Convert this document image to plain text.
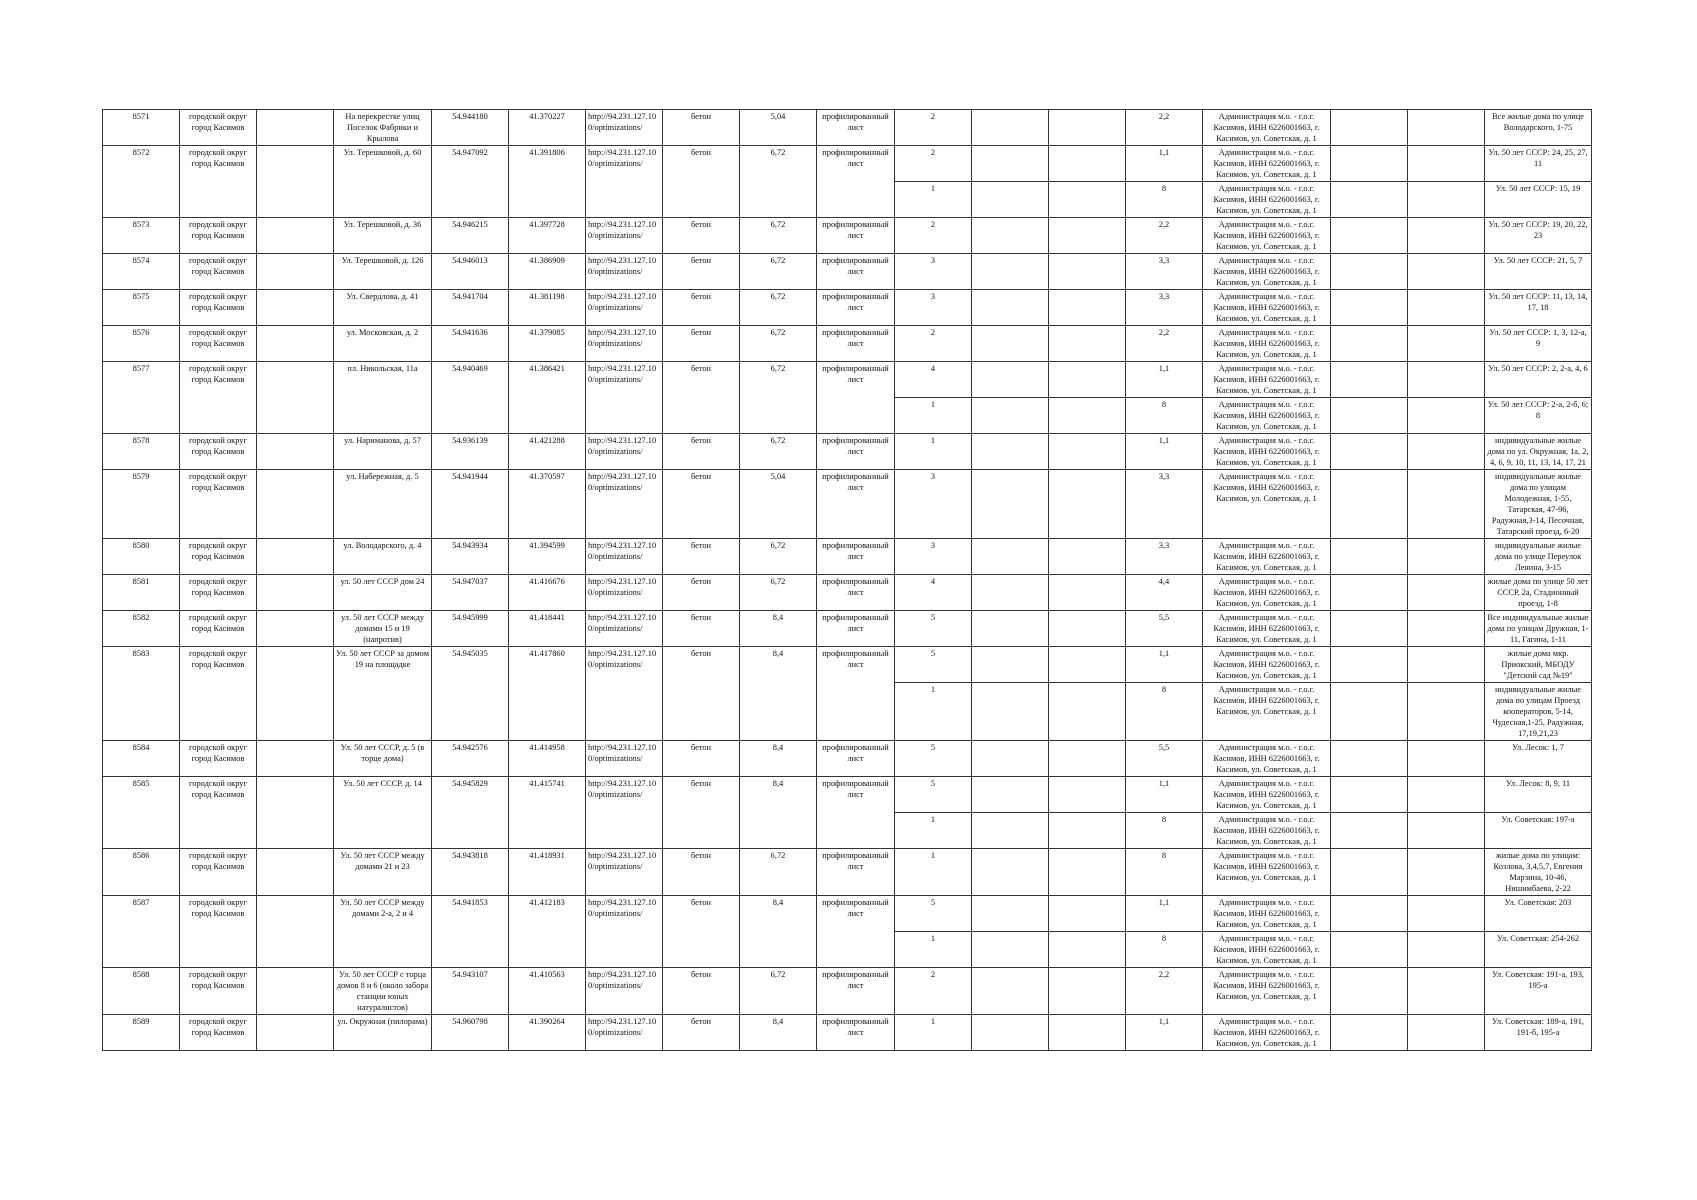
8571	городской округ город Касимов		На перекрестке улиц Поселок Фабрики и Крылова	54.944180	41.370227	http://94.231.127.100/optimizations/	бетон	5,04	профилированный лист	2			2,2	Администрация м.о. - г.о.г. Касимов, ИНН 6226001663, г. Касимов, ул. Советская, д. 1			Все жилые дома по улице Володарского, 1-75
8572	городской округ город Касимов		Ул. Терешковой, д. 60	54.947092	41.391806	http://94.231.127.100/optimizations/	бетон	6,72	профилированный лист	2			1,1	Администрация м.о. - г.о.г. Касимов, ИНН 6226001663, г. Касимов, ул. Советская, д. 1			Ул. 50 лет СССР: 24, 25, 27, 11
										1			8	Администрация м.о. - г.о.г. Касимов, ИНН 6226001663, г. Касимов, ул. Советская, д. 1			Ул. 50 лет СССР: 15, 19
8573	городской округ город Касимов		Ул. Терешковой, д. 36	54.946215	41.397728	http://94.231.127.100/optimizations/	бетон	6,72	профилированный лист	2			2,2	Администрация м.о. - г.о.г. Касимов, ИНН 6226001663, г. Касимов, ул. Советская, д. 1			Ул. 50 лет СССР: 19, 20, 22, 23
8574	городской округ город Касимов		Ул. Терешковой, д. 126	54.946013	41.386909	http://94.231.127.100/optimizations/	бетон	6,72	профилированный лист	3			3,3	Администрация м.о. - г.о.г. Касимов, ИНН 6226001663, г. Касимов, ул. Советская, д. 1			Ул. 50 лет СССР: 21, 5, 7
8575	городской округ город Касимов		Ул. Свердлова, д. 41	54.941704	41.381198	http://94.231.127.100/optimizations/	бетон	6,72	профилированный лист	3			3,3	Администрация м.о. - г.о.г. Касимов, ИНН 6226001663, г. Касимов, ул. Советская, д. 1			Ул. 50 лет СССР: 11, 13, 14, 17, 18
8576	городской округ город Касимов		ул. Московская, д. 2	54.941636	41.379085	http://94.231.127.100/optimizations/	бетон	6,72	профилированный лист	2			2,2	Администрация м.о. - г.о.г. Касимов, ИНН 6226001663, г. Касимов, ул. Советская, д. 1			Ул. 50 лет СССР: 1, 3, 12-а, 9
8577	городской округ город Касимов		пл. Никольская, 11а	54.940469	41.386421	http://94.231.127.100/optimizations/	бетон	6,72	профилированный лист	4			1,1	Администрация м.о. - г.о.г. Касимов, ИНН 6226001663, г. Касимов, ул. Советская, д. 1			Ул. 50 лет СССР: 2, 2-а, 4, 6
										1			8	Администрация м.о. - г.о.г. Касимов, ИНН 6226001663, г. Касимов, ул. Советская, д. 1			Ул. 50 лет СССР: 2-а, 2-б, 6; 8
8578	городской округ город Касимов		ул. Нариманова, д. 57	54.936139	41.421288	http://94.231.127.100/optimizations/	бетон	6,72	профилированный лист	1			1,1	Администрация м.о. - г.о.г. Касимов, ИНН 6226001663, г. Касимов, ул. Советская, д. 1			индивидуальные жилые дома по ул. Окружная, 1а, 2, 4, 6, 9, 10, 11, 13, 14, 17, 21
8579	городской округ город Касимов		ул. Набережная, д. 5	54.941944	41.370597	http://94.231.127.100/optimizations/	бетон	5,04	профилированный лист	3			3,3	Администрация м.о. - г.о.г. Касимов, ИНН 6226001663, г. Касимов, ул. Советская, д. 1			индивидуальные жилые дома по улицам Молодежная, 1-55, Татарская, 47-96, Радужная,3-14, Песочная, Татарский проезд, 6-20
8580	городской округ город Касимов		ул. Володарского, д. 4	54.943934	41.394599	http://94.231.127.100/optimizations/	бетон	6,72	профилированный лист	3			3,3	Администрация м.о. - г.о.г. Касимов, ИНН 6226001663, г. Касимов, ул. Советская, д. 1			индивидуальные жилые дома по улице Переулок Ленина, 3-15
8581	городской округ город Касимов		ул. 50 лет СССР дом 24	54.947037	41.416676	http://94.231.127.100/optimizations/	бетон	6,72	профилированный лист	4			4,4	Администрация м.о. - г.о.г. Касимов, ИНН 6226001663, г. Касимов, ул. Советская, д. 1			жилые дома по улице 50 лет СССР, 2а, Стадионный проезд, 1-8
8582	городской округ город Касимов		ул. 50 лет СССР между домами 15 и 19 (напротив)	54.945999	41.418441	http://94.231.127.100/optimizations/	бетон	8,4	профилированный лист	5			5,5	Администрация м.о. - г.о.г. Касимов, ИНН 6226001663, г. Касимов, ул. Советская, д. 1			Все индивидуальные жилые дома по улицам Дружная, 1-11, Гагина, 1-11
8583	городской округ город Касимов		Ул. 50 лет СССР за домом 19 на площадке	54.945035	41.417860	http://94.231.127.100/optimizations/	бетон	8,4	профилированный лист	5			1,1	Администрация м.о. - г.о.г. Касимов, ИНН 6226001663, г. Касимов, ул. Советская, д. 1			жилые дома мкр. Приокский, МБОДУ "Детский сад №19"
										1			8	Администрация м.о. - г.о.г. Касимов, ИНН 6226001663, г. Касимов, ул. Советская, д. 1			индивидуальные жилые дома по улицам Проезд кооператоров, 5-14, Чудесная,1-25, Радужная, 17,19,21,23
8584	городской округ город Касимов		Ул. 50 лет СССР, д. 5 (в торце дома)	54.942576	41.414958	http://94.231.127.100/optimizations/	бетон	8,4	профилированный лист	5			5,5	Администрация м.о. - г.о.г. Касимов, ИНН 6226001663, г. Касимов, ул. Советская, д. 1			Ул. Лесок: 1, 7
8585	городской округ город Касимов		Ул. 50 лет СССР, д. 14	54.945829	41.415741	http://94.231.127.100/optimizations/	бетон	8,4	профилированный лист	5			1,1	Администрация м.о. - г.о.г. Касимов, ИНН 6226001663, г. Касимов, ул. Советская, д. 1			Ул. Лесок: 8, 9, 11
										1			8	Администрация м.о. - г.о.г. Касимов, ИНН 6226001663, г. Касимов, ул. Советская, д. 1			Ул. Советская: 197-а
8586	городской округ город Касимов		Ул. 50 лет СССР между домами 21 и 23	54.943818	41.418931	http://94.231.127.100/optimizations/	бетон	6,72	профилированный лист	1			8	Администрация м.о. - г.о.г. Касимов, ИНН 6226001663, г. Касимов, ул. Советская, д. 1			жилые дома по улицам: Козлова, 3,4,5,7, Евгения Марзина, 10-46, Нишимбаева, 2-22
8587	городской округ город Касимов		Ул. 50 лет СССР между домами 2-а, 2 и 4	54.941853	41.412183	http://94.231.127.100/optimizations/	бетон	8,4	профилированный лист	5			1,1	Администрация м.о. - г.о.г. Касимов, ИНН 6226001663, г. Касимов, ул. Советская, д. 1			Ул. Советская: 203
										1			8	Администрация м.о. - г.о.г. Касимов, ИНН 6226001663, г. Касимов, ул. Советская, д. 1			Ул. Советская: 254-262
8588	городской округ город Касимов		Ул. 50 лет СССР с торца домов 8 и 6 (около забора станции юных натуралистов)	54.943107	41.410563	http://94.231.127.100/optimizations/	бетон	6,72	профилированный лист	2			2,2	Администрация м.о. - г.о.г. Касимов, ИНН 6226001663, г. Касимов, ул. Советская, д. 1			Ул. Советская: 191-а, 193, 195-а
8589	городской округ город Касимов		ул. Окружная (пилорама)	54.960798	41.390264	http://94.231.127.100/optimizations/	бетон	8,4	профилированный лист	1			1,1	Администрация м.о. - г.о.г. Касимов, ИНН 6226001663, г. Касимов, ул. Советская, д. 1			Ул. Советская: 189-а, 191, 191-б, 195-а
